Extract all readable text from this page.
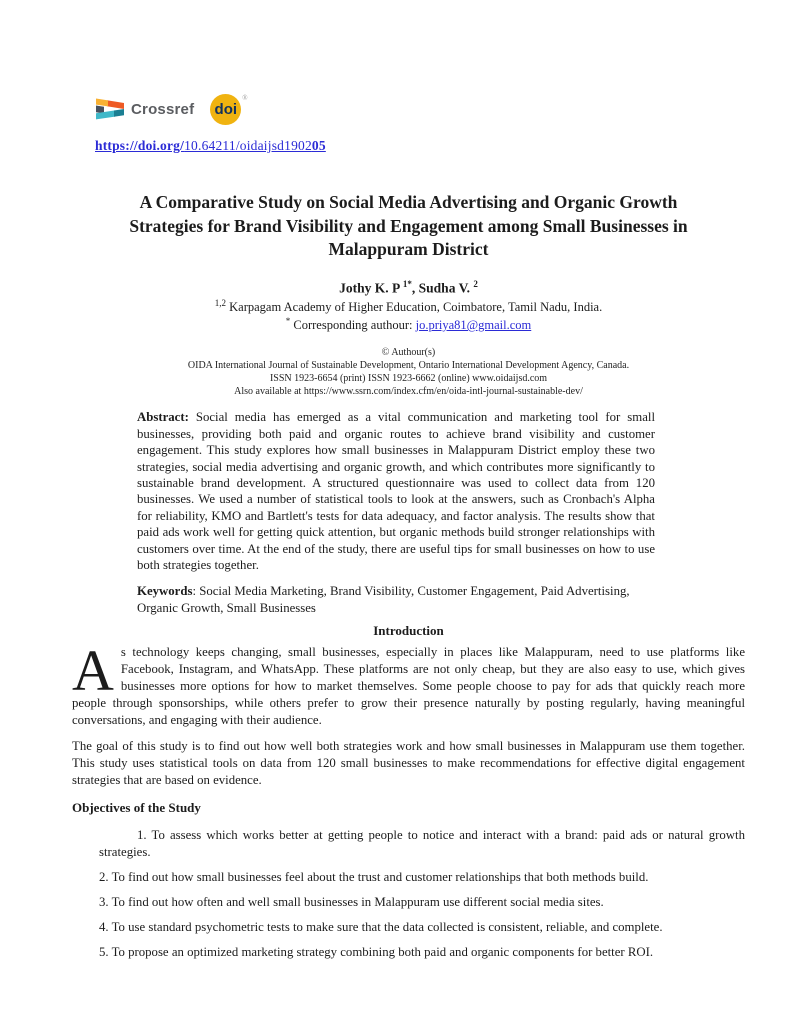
Crossref doi
®
https://doi.org/10.64211/oidaijsd190205
A Comparative Study on Social Media Advertising and Organic Growth Strategies for Brand Visibility and Engagement among Small Businesses in Malappuram District
Jothy K. P $^{1*}$, Sudha V. $^2$
$^{1,2}$ Karpagam Academy of Higher Education, Coimbatore, Tamil Nadu, India.
* Corresponding authour: jo.priya81@gmail.com
© Authour(s)
OIDA International Journal of Sustainable Development, Ontario International Development Agency, Canada.
ISSN 1923-6654 (print) ISSN 1923-6662 (online) www.oidaijsd.com
Also available at https://www.ssrn.com/index.cfm/en/oida-intl-journal-sustainable-dev/

Abstract: Social media has emerged as a vital communication and marketing tool for small businesses, providing both paid and organic routes to achieve brand visibility and customer engagement. This study explores how small businesses in Malappuram District employ these two strategies, social media advertising and organic growth, and which contributes more significantly to sustainable brand development. A structured questionnaire was used to collect data from 120 businesses. We used a number of statistical tools to look at the answers, such as Cronbach's Alpha for reliability, KMO and Bartlett's tests for data adequacy, and factor analysis. The results show that paid ads work well for getting quick attention, but organic methods build stronger relationships with customers over time. At the end of the study, there are useful tips for small businesses on how to use both strategies together.

Keywords: Social Media Marketing, Brand Visibility, Customer Engagement, Paid Advertising, Organic Growth, Small Businesses

Introduction

As technology keeps changing, small businesses, especially in places like Malappuram, need to use platforms like Facebook, Instagram, and WhatsApp. These platforms are not only cheap, but they are also easy to use, which gives businesses more options for how to market themselves. Some people choose to pay for ads that quickly reach more people through sponsorships, while others prefer to grow their presence naturally by posting regularly, having meaningful conversations, and engaging with their audience.

The goal of this study is to find out how well both strategies work and how small businesses in Malappuram use them together. This study uses statistical tools on data from 120 small businesses to make recommendations for effective digital engagement strategies that are based on evidence.

Objectives of the Study
1. To assess which works better at getting people to notice and interact with a brand: paid ads or natural growth strategies.
2. To find out how small businesses feel about the trust and customer relationships that both methods build.
3. To find out how often and well small businesses in Malappuram use different social media sites.
4. To use standard psychometric tests to make sure that the data collected is consistent, reliable, and complete.
5. To propose an optimized marketing strategy combining both paid and organic components for better ROI.
